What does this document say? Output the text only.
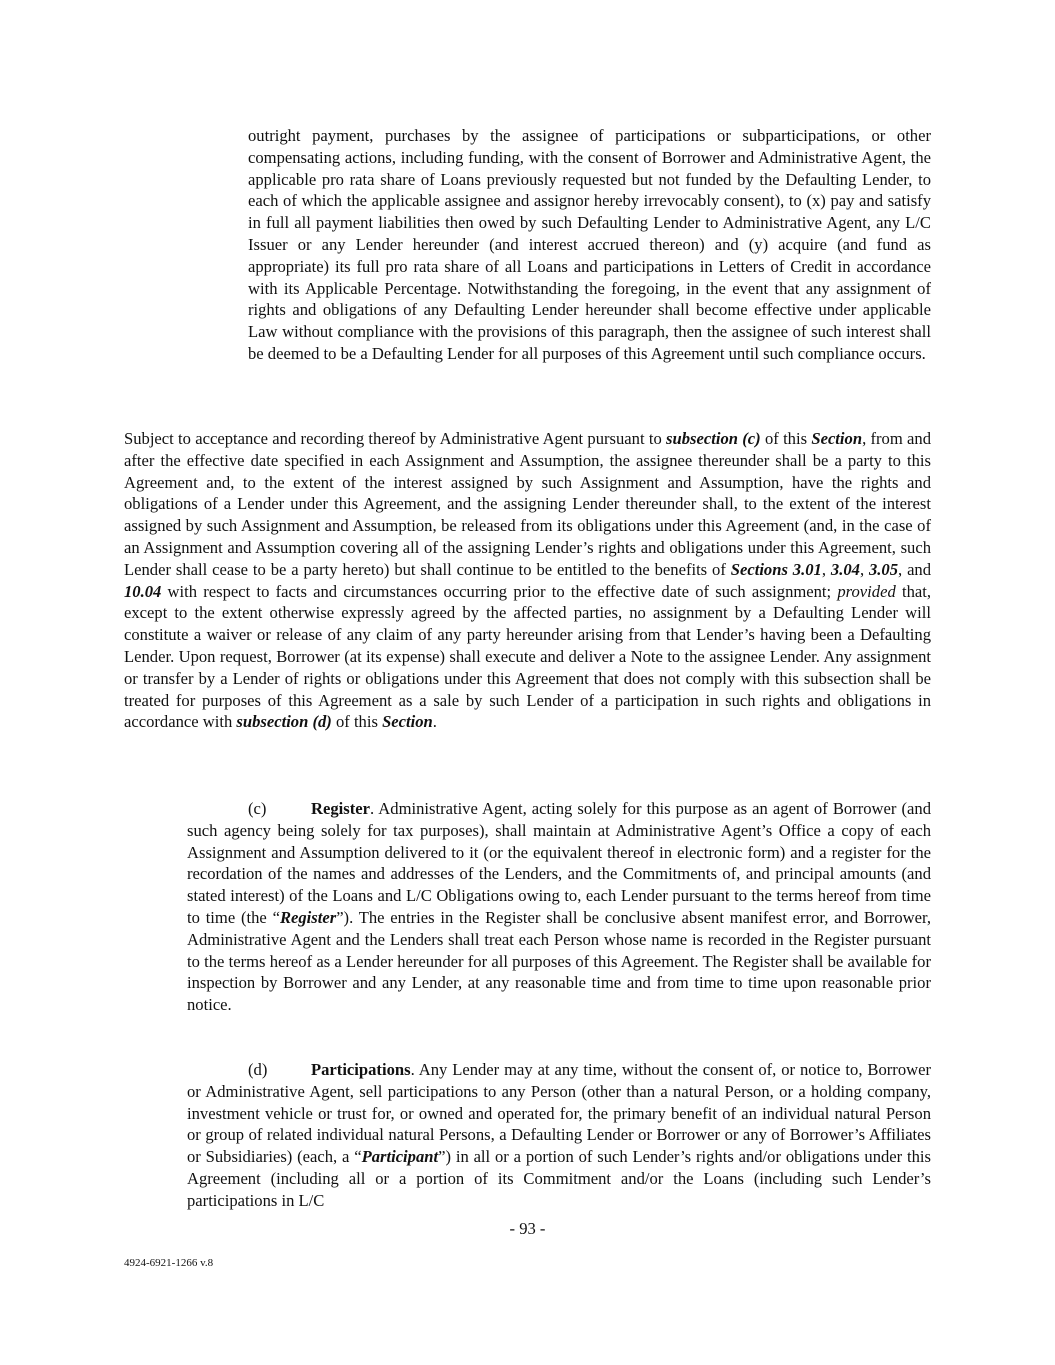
outright payment, purchases by the assignee of participations or subparticipations, or other compensating actions, including funding, with the consent of Borrower and Administrative Agent, the applicable pro rata share of Loans previously requested but not funded by the Defaulting Lender, to each of which the applicable assignee and assignor hereby irrevocably consent), to (x) pay and satisfy in full all payment liabilities then owed by such Defaulting Lender to Administrative Agent, any L/C Issuer or any Lender hereunder (and interest accrued thereon) and (y) acquire (and fund as appropriate) its full pro rata share of all Loans and participations in Letters of Credit in accordance with its Applicable Percentage. Notwithstanding the foregoing, in the event that any assignment of rights and obligations of any Defaulting Lender hereunder shall become effective under applicable Law without compliance with the provisions of this paragraph, then the assignee of such interest shall be deemed to be a Defaulting Lender for all purposes of this Agreement until such compliance occurs.

Subject to acceptance and recording thereof by Administrative Agent pursuant to subsection (c) of this Section, from and after the effective date specified in each Assignment and Assumption, the assignee thereunder shall be a party to this Agreement and, to the extent of the interest assigned by such Assignment and Assumption, have the rights and obligations of a Lender under this Agreement, and the assigning Lender thereunder shall, to the extent of the interest assigned by such Assignment and Assumption, be released from its obligations under this Agreement (and, in the case of an Assignment and Assumption covering all of the assigning Lender’s rights and obligations under this Agreement, such Lender shall cease to be a party hereto) but shall continue to be entitled to the benefits of Sections 3.01, 3.04, 3.05, and 10.04 with respect to facts and circumstances occurring prior to the effective date of such assignment; provided that, except to the extent otherwise expressly agreed by the affected parties, no assignment by a Defaulting Lender will constitute a waiver or release of any claim of any party hereunder arising from that Lender’s having been a Defaulting Lender. Upon request, Borrower (at its expense) shall execute and deliver a Note to the assignee Lender. Any assignment or transfer by a Lender of rights or obligations under this Agreement that does not comply with this subsection shall be treated for purposes of this Agreement as a sale by such Lender of a participation in such rights and obligations in accordance with subsection (d) of this Section.

(c)	Register. Administrative Agent, acting solely for this purpose as an agent of Borrower (and such agency being solely for tax purposes), shall maintain at Administrative Agent’s Office a copy of each Assignment and Assumption delivered to it (or the equivalent thereof in electronic form) and a register for the recordation of the names and addresses of the Lenders, and the Commitments of, and principal amounts (and stated interest) of the Loans and L/C Obligations owing to, each Lender pursuant to the terms hereof from time to time (the “Register”). The entries in the Register shall be conclusive absent manifest error, and Borrower, Administrative Agent and the Lenders shall treat each Person whose name is recorded in the Register pursuant to the terms hereof as a Lender hereunder for all purposes of this Agreement. The Register shall be available for inspection by Borrower and any Lender, at any reasonable time and from time to time upon reasonable prior notice.

(d)	Participations. Any Lender may at any time, without the consent of, or notice to, Borrower or Administrative Agent, sell participations to any Person (other than a natural Person, or a holding company, investment vehicle or trust for, or owned and operated for, the primary benefit of an individual natural Person or group of related individual natural Persons, a Defaulting Lender or Borrower or any of Borrower’s Affiliates or Subsidiaries) (each, a “Participant”) in all or a portion of such Lender’s rights and/or obligations under this Agreement (including all or a portion of its Commitment and/or the Loans (including such Lender’s participations in L/C

- 93 -
4924-6921-1266 v.8
